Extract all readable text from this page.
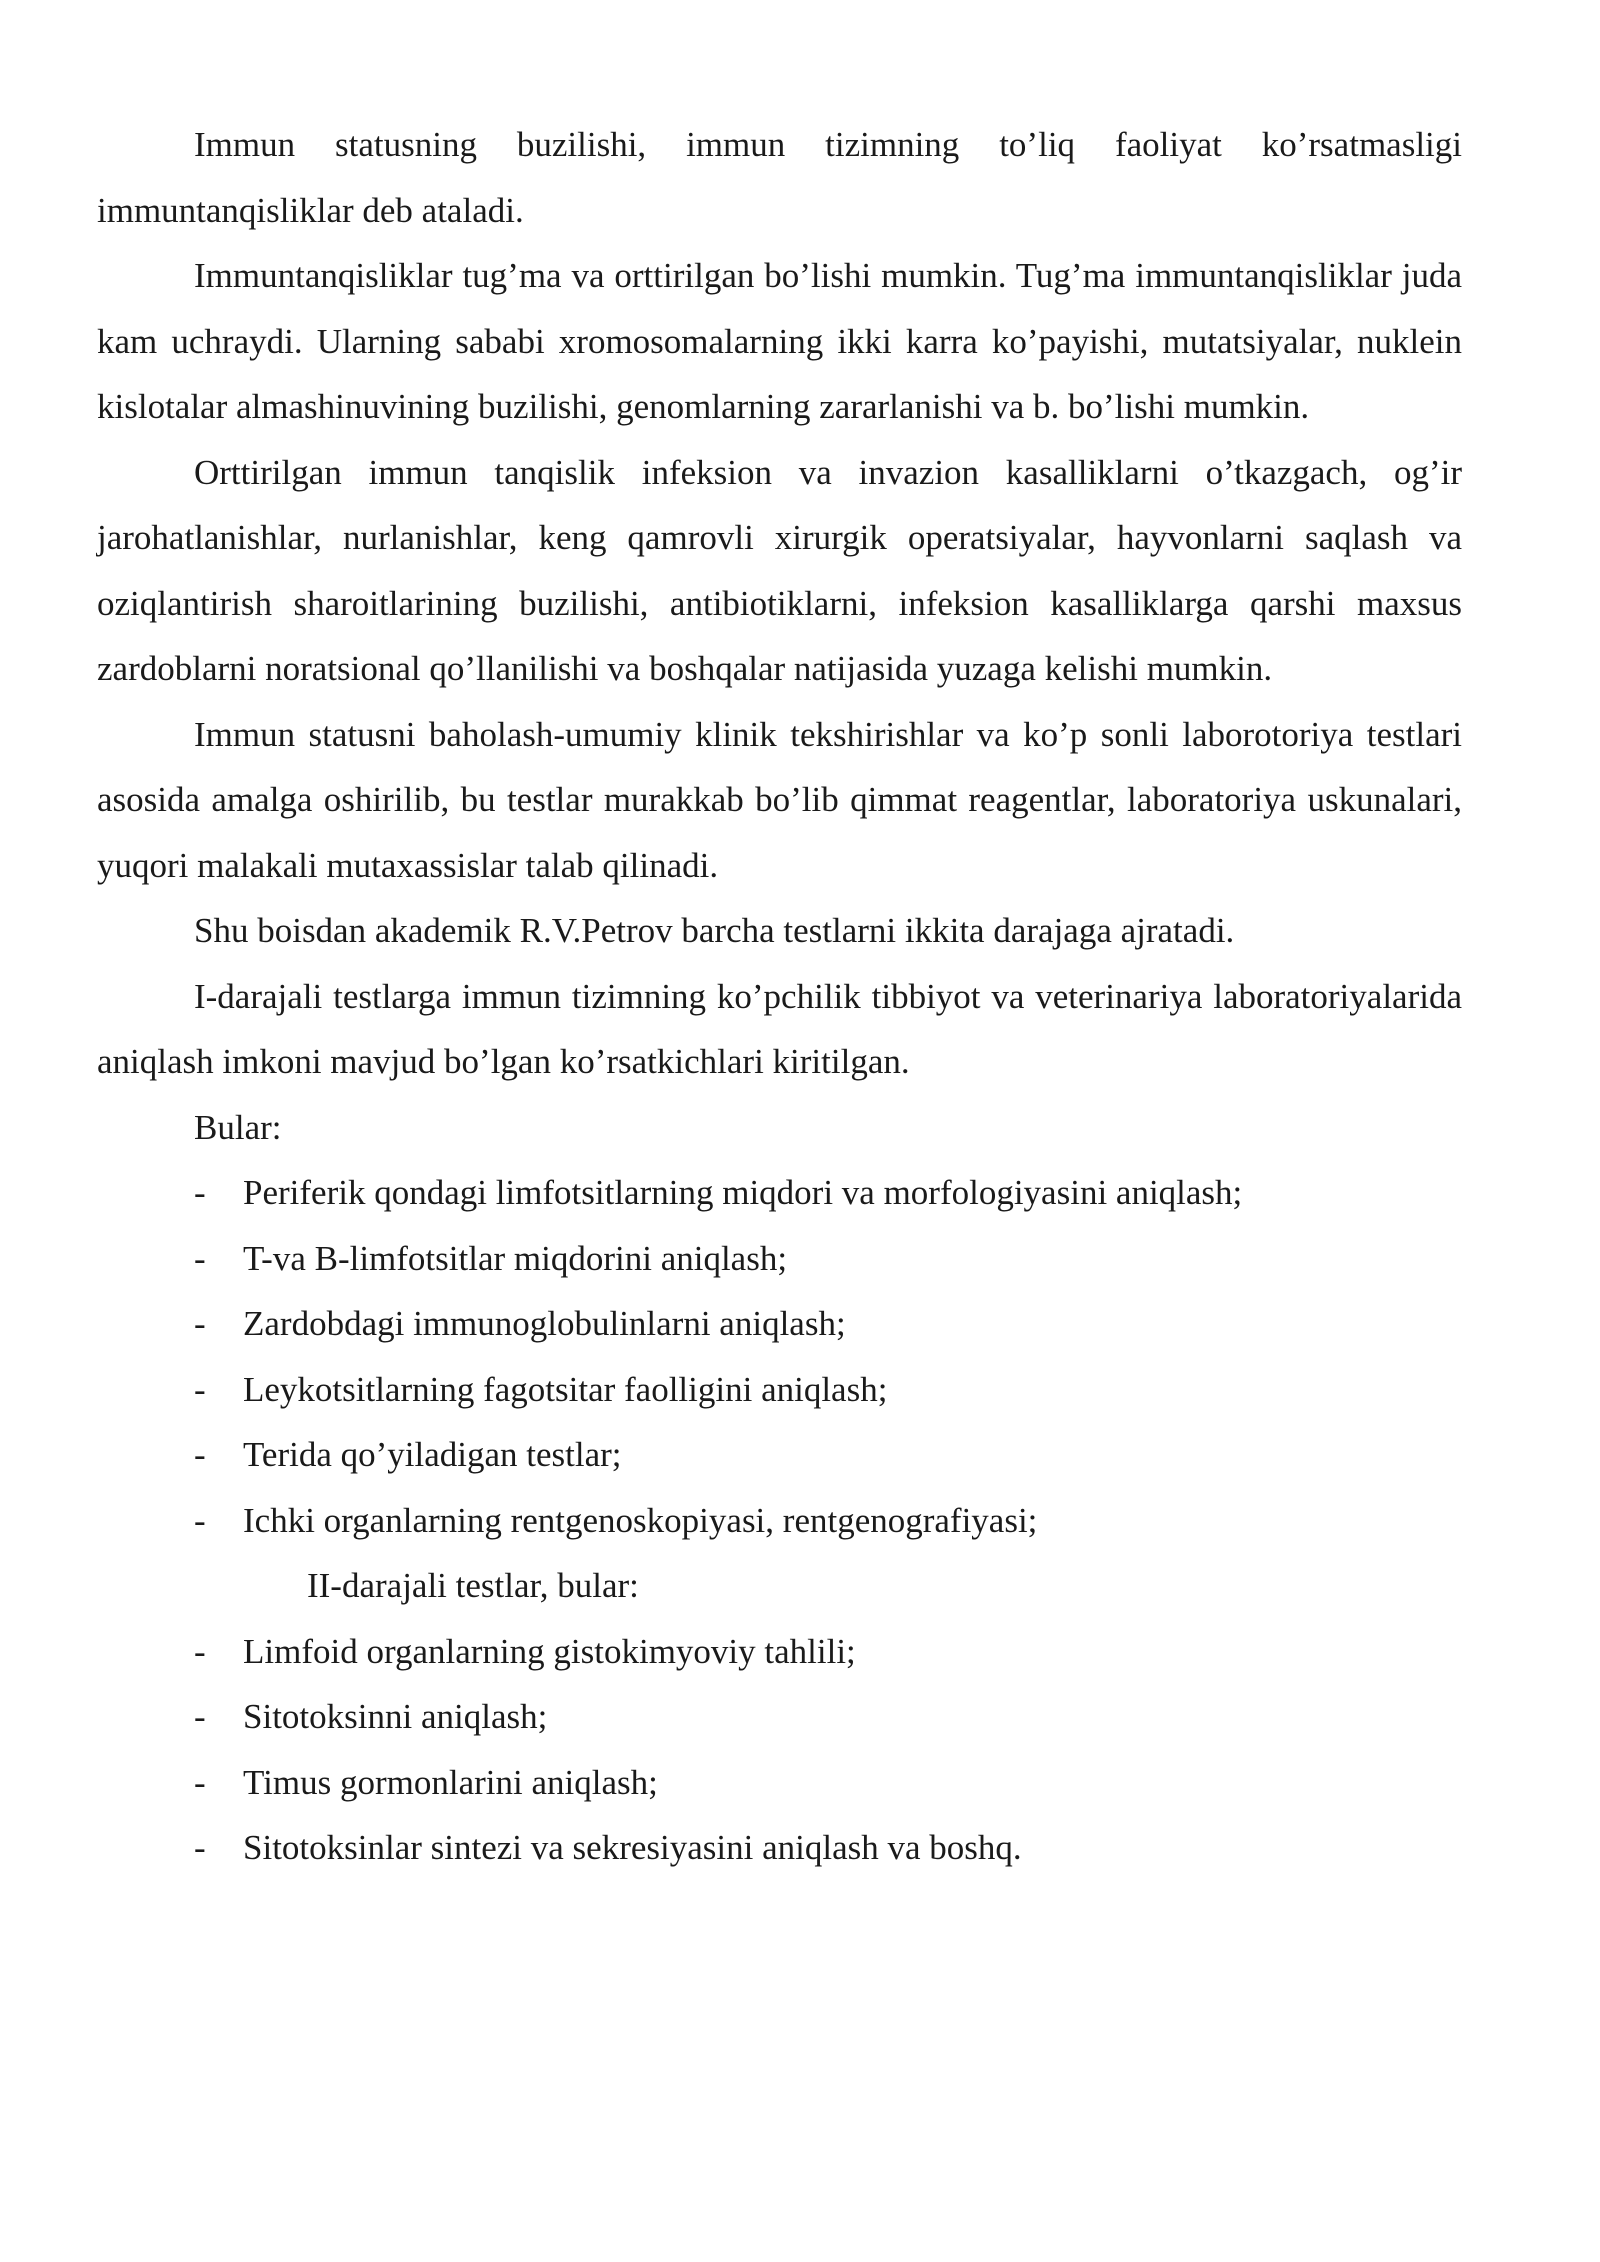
Immun statusning buzilishi, immun tizimning to’liq faoliyat ko’rsatmasligi immuntanqisliklar deb ataladi.

Immuntanqisliklar tug’ma va orttirilgan bo’lishi mumkin. Tug’ma immuntanqisliklar juda kam uchraydi. Ularning sababi xromosomalarning ikki karra ko’payishi, mutatsiyalar, nuklein kislotalar almashinuvining buzilishi, genomlarning zararlanishi va b. bo’lishi mumkin.

Orttirilgan immun tanqislik infeksion va invazion kasalliklarni o’tkazgach, og’ir jarohatlanishlar, nurlanishlar, keng qamrovli xirurgik operatsiyalar, hayvonlarni saqlash va oziqlantirish sharoitlarining buzilishi, antibiotiklarni, infeksion kasalliklarga qarshi maxsus zardoblarni noratsional qo’llanilishi va boshqalar natijasida yuzaga kelishi mumkin.

Immun statusni baholash-umumiy klinik tekshirishlar va ko’p sonli laborotoriya testlari asosida amalga oshirilib, bu testlar murakkab bo’lib qimmat reagentlar, laboratoriya uskunalari, yuqori malakali mutaxassislar talab qilinadi.

Shu boisdan akademik R.V.Petrov barcha testlarni ikkita darajaga ajratadi.

I-darajali testlarga immun tizimning ko’pchilik tibbiyot va veterinariya laboratoriyalarida aniqlash imkoni mavjud bo’lgan ko’rsatkichlari kiritilgan.

Bular:

- Periferik qondagi limfotsitlarning miqdori va morfologiyasini aniqlash;
- T-va B-limfotsitlar miqdorini aniqlash;
- Zardobdagi immunoglobulinlarni aniqlash;
- Leykotsitlarning fagotsitar faolligini aniqlash;
- Terida qo’yiladigan testlar;
- Ichki organlarning rentgenoskopiyasi, rentgenografiyasi;

II-darajali testlar, bular:

- Limfoid organlarning gistokimyoviy tahlili;
- Sitotoksinni aniqlash;
- Timus gormonlarini aniqlash;
- Sitotoksinlar sintezi va sekresiyasini aniqlash va boshq.
